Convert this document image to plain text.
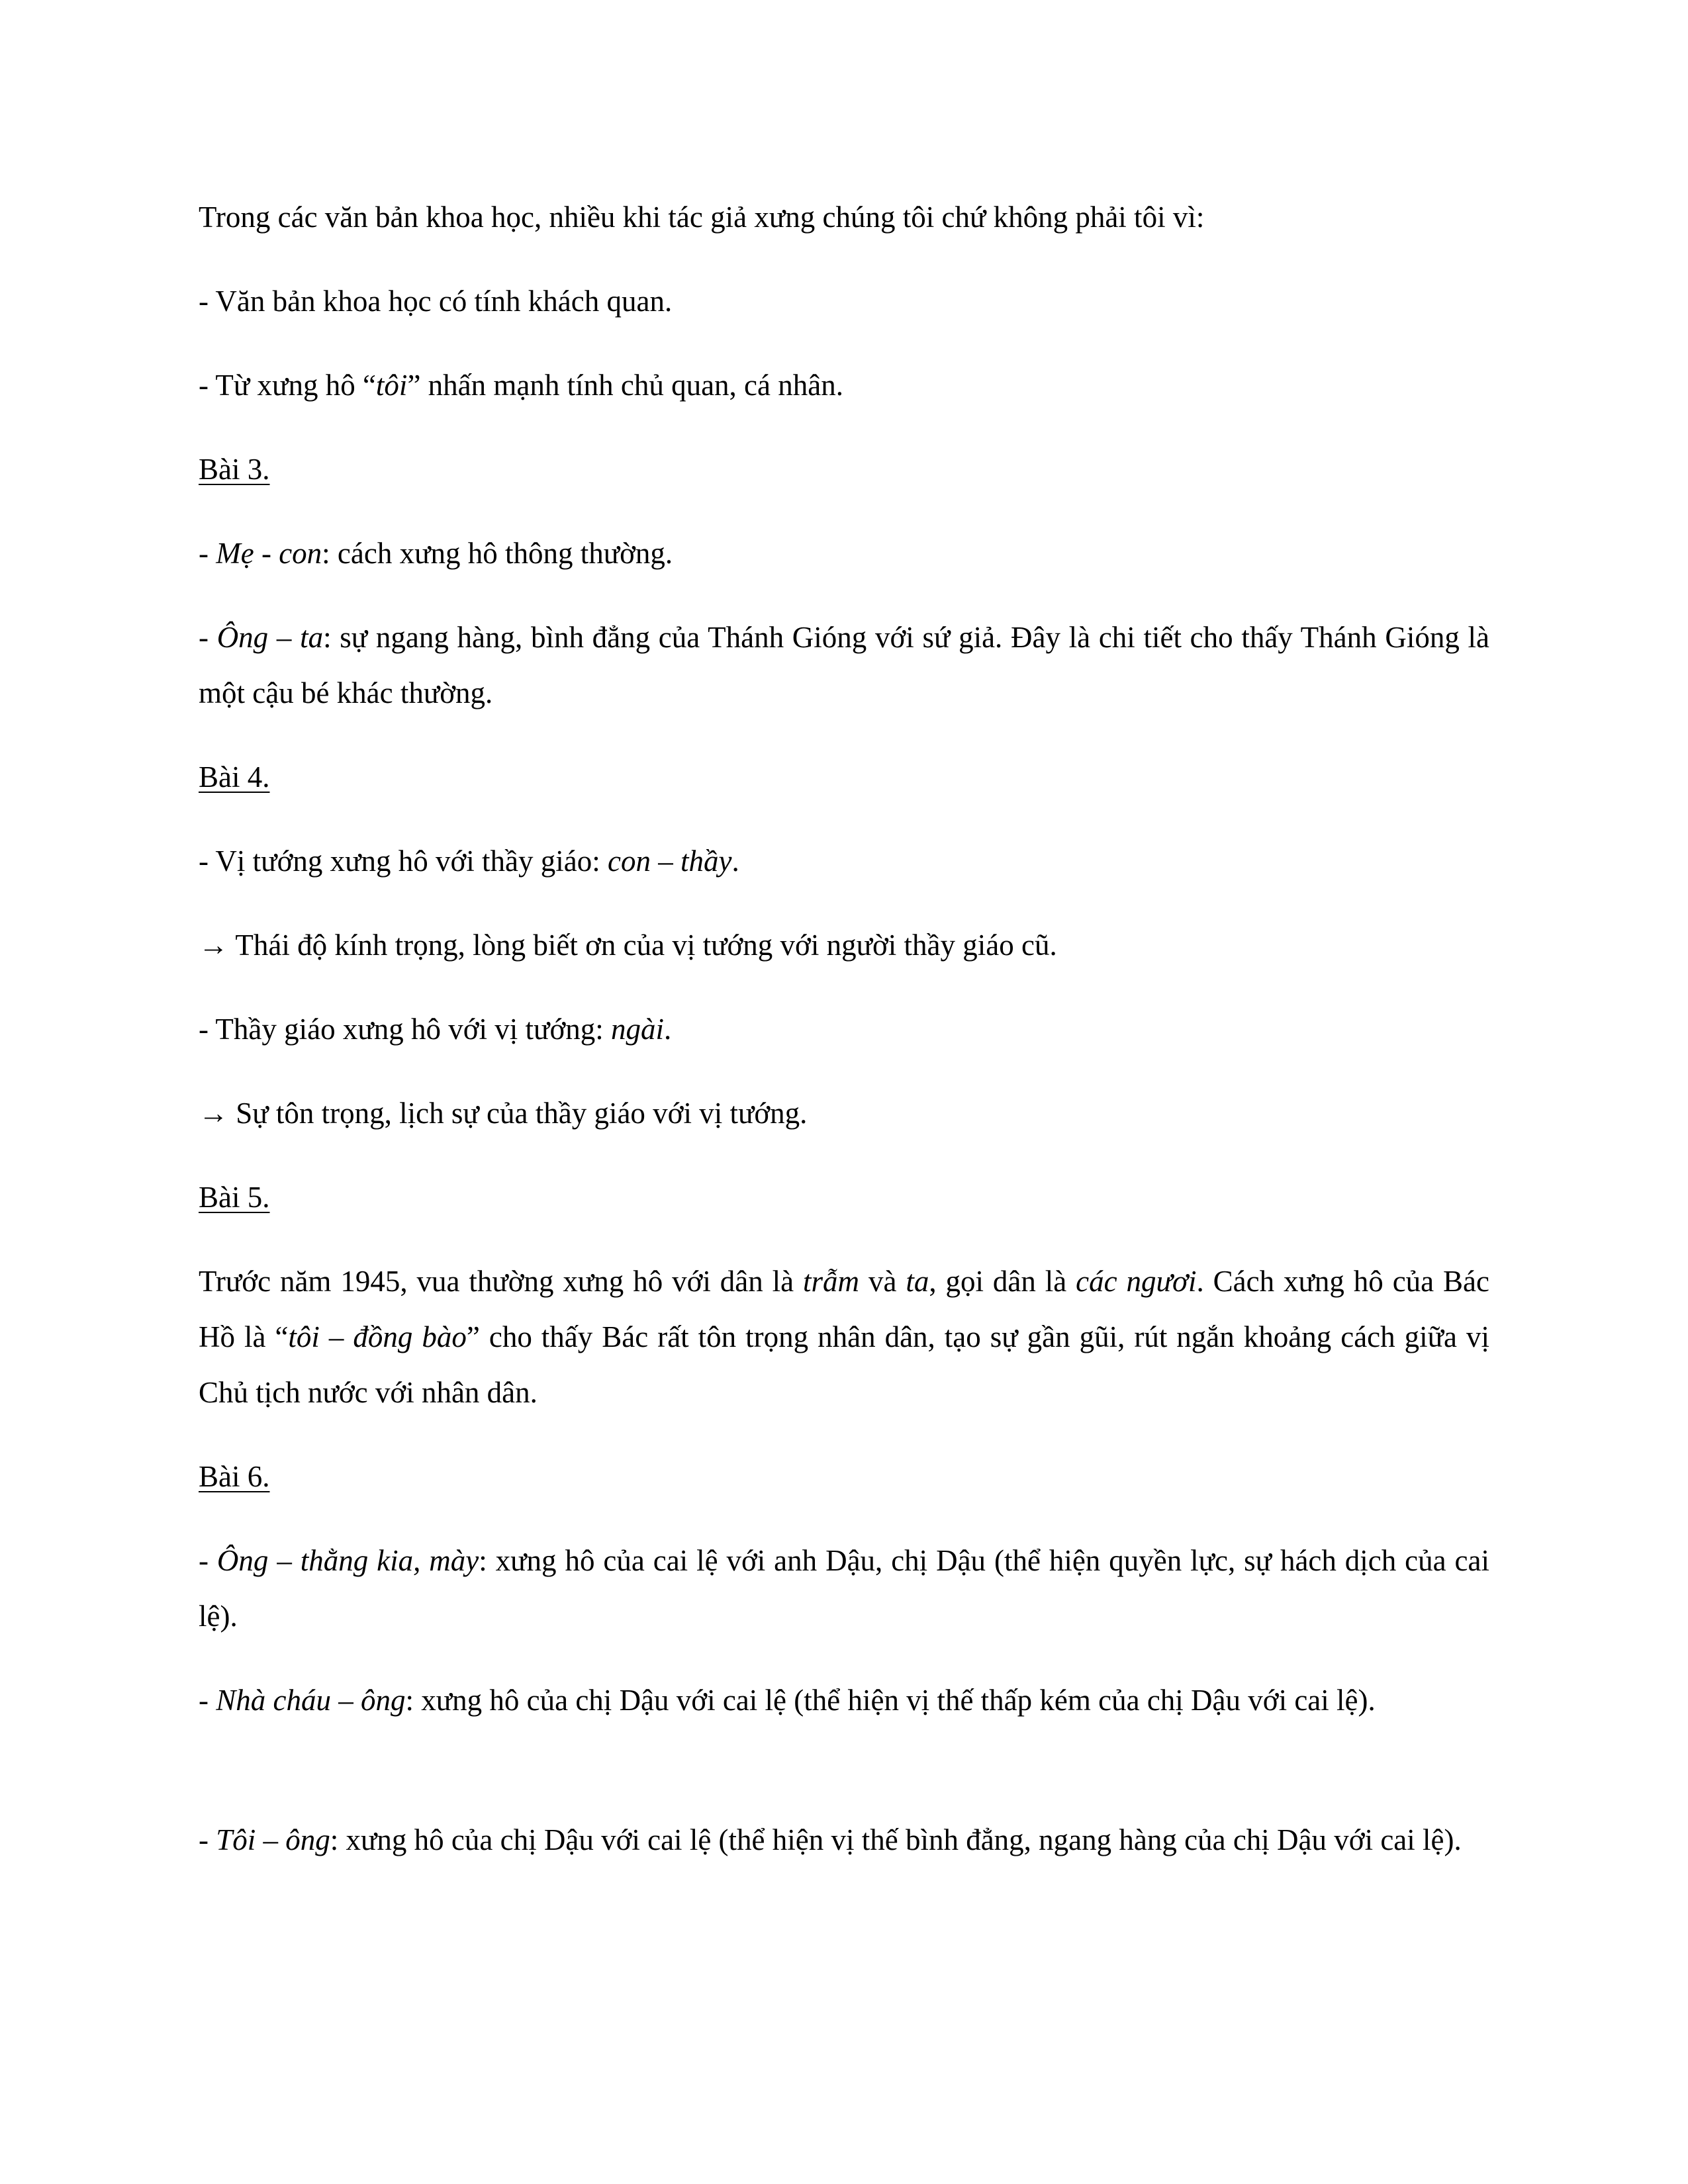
Trong các văn bản khoa học, nhiều khi tác giả xưng chúng tôi chứ không phải tôi vì:

- Văn bản khoa học có tính khách quan.

- Từ xưng hô “tôi” nhấn mạnh tính chủ quan, cá nhân.

Bài 3.

- Mẹ - con: cách xưng hô thông thường.

- Ông – ta: sự ngang hàng, bình đẳng của Thánh Gióng với sứ giả. Đây là chi tiết cho thấy Thánh Gióng là một cậu bé khác thường.

Bài 4.

- Vị tướng xưng hô với thầy giáo: con – thầy.

→ Thái độ kính trọng, lòng biết ơn của vị tướng với người thầy giáo cũ.

- Thầy giáo xưng hô với vị tướng: ngài.

→ Sự tôn trọng, lịch sự của thầy giáo với vị tướng.

Bài 5.

Trước năm 1945, vua thường xưng hô với dân là trẫm và ta, gọi dân là các ngươi. Cách xưng hô của Bác Hồ là “tôi – đồng bào” cho thấy Bác rất tôn trọng nhân dân, tạo sự gần gũi, rút ngắn khoảng cách giữa vị Chủ tịch nước với nhân dân.

Bài 6.

- Ông – thằng kia, mày: xưng hô của cai lệ với anh Dậu, chị Dậu (thể hiện quyền lực, sự hách dịch của cai lệ).

- Nhà cháu – ông: xưng hô của chị Dậu với cai lệ (thể hiện vị thế thấp kém của chị Dậu với cai lệ).

- Tôi – ông: xưng hô của chị Dậu với cai lệ (thể hiện vị thế bình đẳng, ngang hàng của chị Dậu với cai lệ).
